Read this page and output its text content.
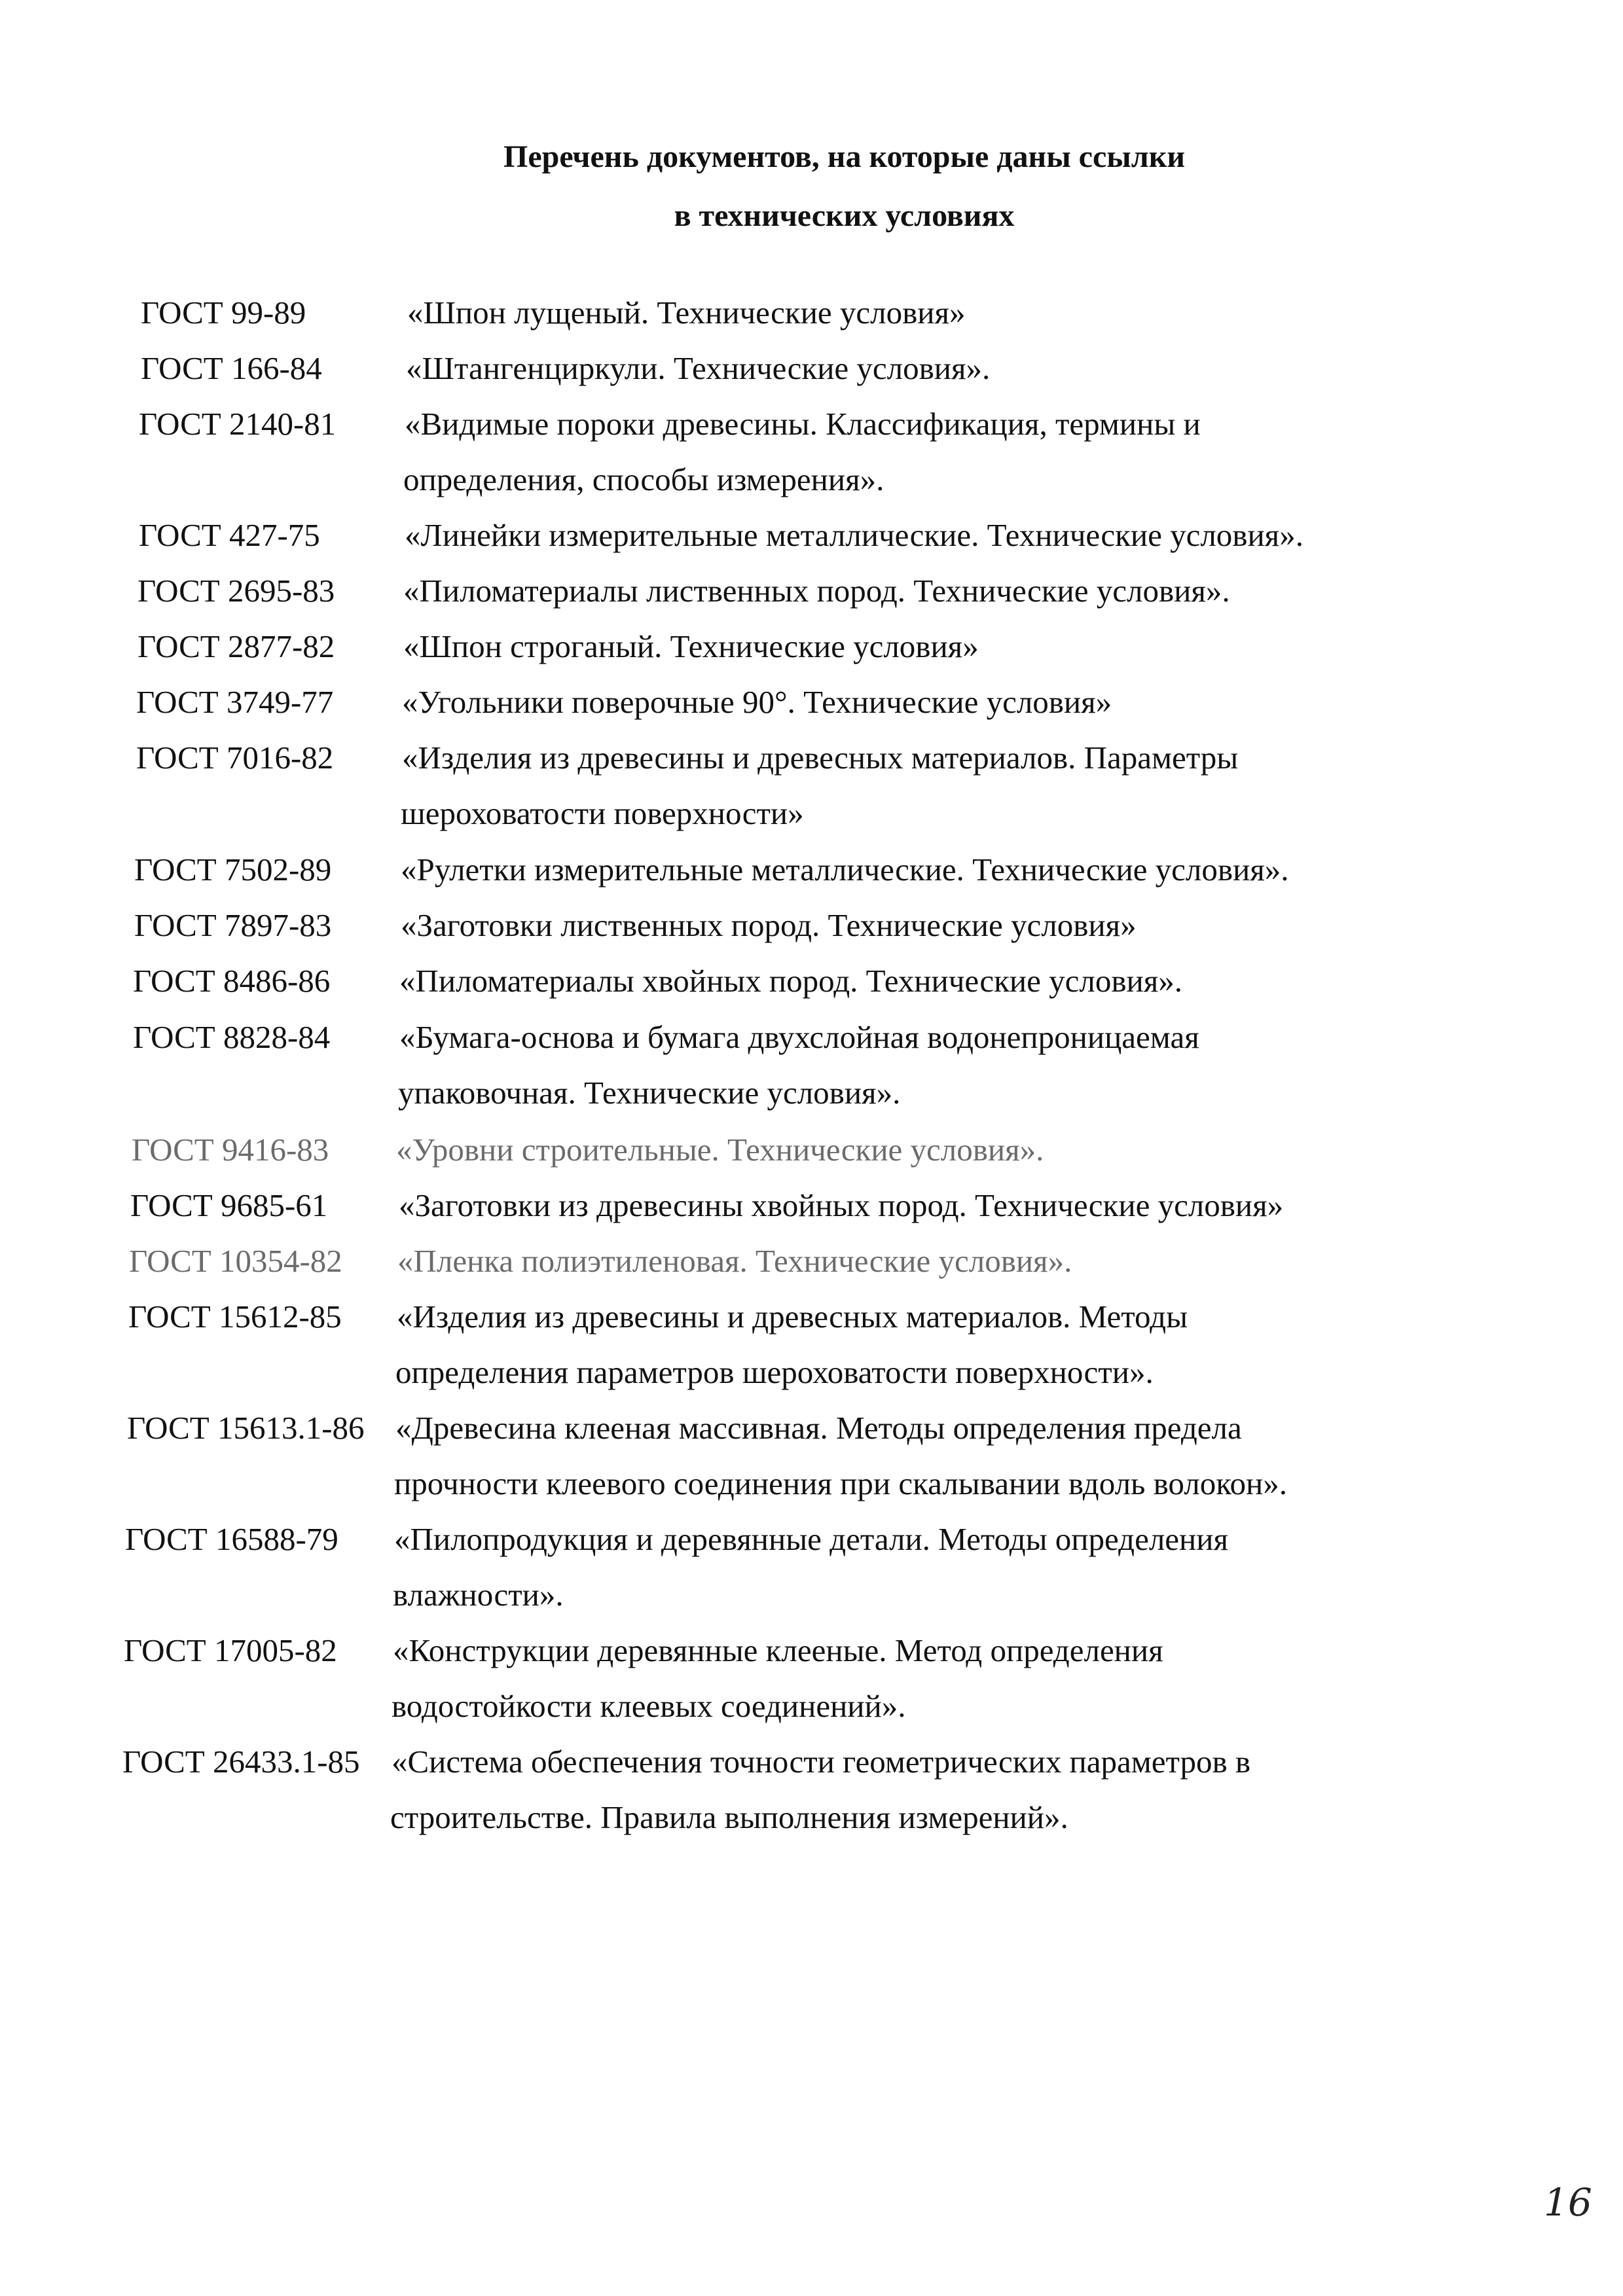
Перечень документов, на которые даны ссылки
в технических условиях
ГОСТ 99-89	«Шпон лущеный. Технические условия»
ГОСТ 166-84	«Штангенциркули. Технические условия».
ГОСТ 2140-81 «Видимые пороки древесины. Классификация, термины и
определения, способы измерения».
ГОСТ 427-75	«Линейки измерительные металлические. Технические условия».
ГОСТ 2695-83 «Пиломатериалы лиственных пород. Технические условия».
ГОСТ 2877-82 «Шпон строганый. Технические условия»
ГОСТ 3749-77 «Угольники поверочные 90°. Технические условия»
ГОСТ 7016-82 «Изделия из древесины и древесных материалов. Параметры
шероховатости поверхности»
ГОСТ 7502-89 «Рулетки измерительные металлические. Технические условия».
ГОСТ 7897-83 «Заготовки лиственных пород. Технические условия»
ГОСТ 8486-86 «Пиломатериалы хвойных пород. Технические условия».
ГОСТ 8828-84 «Бумага-основа и бумага двухслойная водонепроницаемая
упаковочная. Технические условия».
ГОСТ 9416-83 «Уровни строительные. Технические условия».
ГОСТ 9685-61 «Заготовки из древесины хвойных пород. Технические условия»
ГОСТ 10354-82 «Пленка полиэтиленовая. Технические условия».
ГОСТ 15612-85 «Изделия из древесины и древесных материалов. Методы
определения параметров шероховатости поверхности».
ГОСТ 15613.1-86 «Древесина клееная массивная. Методы определения предела
прочности клеевого соединения при скалывании вдоль волокон».
ГОСТ 16588-79 «Пилопродукция и деревянные детали. Методы определения
влажности».
ГОСТ 17005-82 «Конструкции деревянные клееные. Метод определения
водостойкости клеевых соединений».
ГОСТ 26433.1-85 «Система обеспечения точности геометрических параметров в
строительстве. Правила выполнения измерений».
16
